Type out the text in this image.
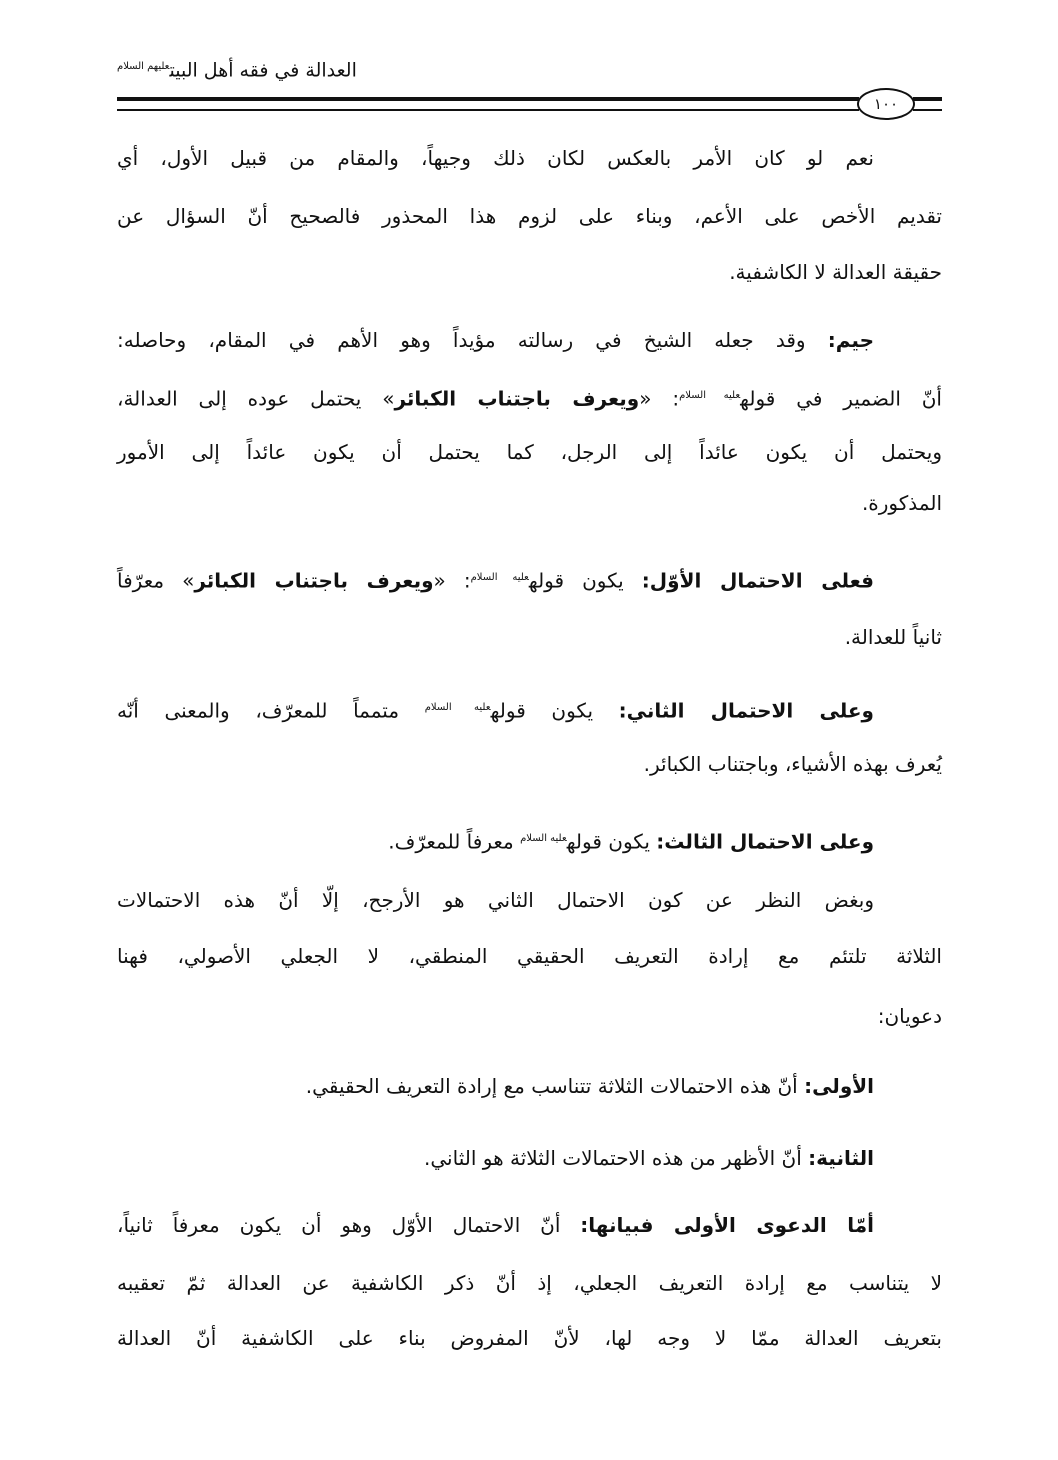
العدالة في فقه أهل البيت$^{عليهم السلام}$
١٠٠
نعم لو كان الأمر بالعكس لكان ذلك وجيهاً، والمقام من قبيل الأول، أي
تقديم الأخص على الأعم، وبناء على لزوم هذا المحذور فالصحيح أنّ السؤال عن
حقيقة العدالة لا الكاشفية.
جيم: وقد جعله الشيخ في رسالته مؤيداً وهو الأهم في المقام، وحاصله:
أنّ الضمير في قوله$^{عليه السلام}$: «ويعرف باجتناب الكبائر» يحتمل عوده إلى العدالة،
ويحتمل أن يكون عائداً إلى الرجل، كما يحتمل أن يكون عائداً إلى الأمور
المذكورة.
فعلى الاحتمال الأوّل: يكون قوله$^{عليه السلام}$: «ويعرف باجتناب الكبائر» معرّفاً
ثانياً للعدالة.
وعلى الاحتمال الثاني: يكون قوله$^{عليه السلام}$ متمماً للمعرّف، والمعنى أنّه
يُعرف بهذه الأشياء، وباجتناب الكبائر.
وعلى الاحتمال الثالث: يكون قوله$^{عليه السلام}$ معرفاً للمعرّف.
وبغض النظر عن كون الاحتمال الثاني هو الأرجح، إلّا أنّ هذه الاحتمالات
الثلاثة تلتئم مع إرادة التعريف الحقيقي المنطقي، لا الجعلي الأصولي، فهنا
دعويان:
الأولى: أنّ هذه الاحتمالات الثلاثة تتناسب مع إرادة التعريف الحقيقي.
الثانية: أنّ الأظهر من هذه الاحتمالات الثلاثة هو الثاني.
أمّا الدعوى الأولى فبيانها: أنّ الاحتمال الأوّل وهو أن يكون معرفاً ثانياً،
لا يتناسب مع إرادة التعريف الجعلي، إذ أنّ ذكر الكاشفية عن العدالة ثمّ تعقيبه
بتعريف العدالة ممّا لا وجه لها، لأنّ المفروض بناء على الكاشفية أنّ العدالة
